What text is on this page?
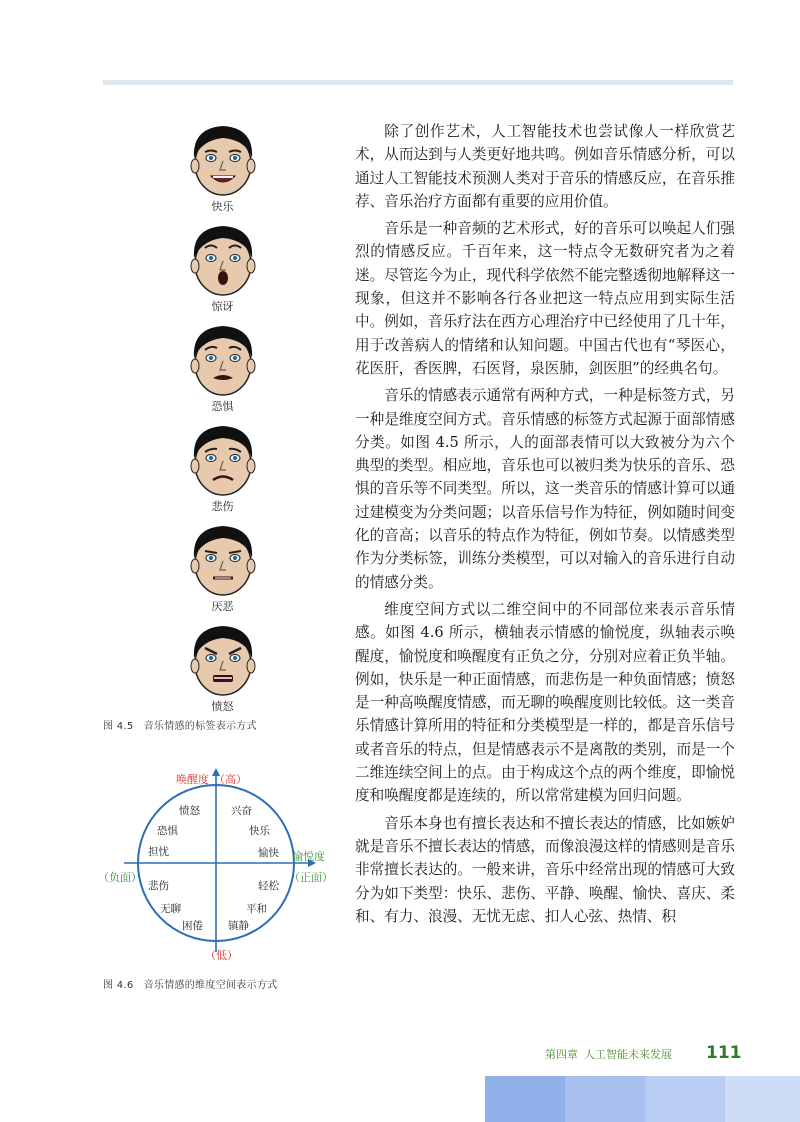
快乐
惊讶
恐惧
悲伤
厌恶
愤怒
图 4.5 音乐情感的标签表示方式
唤醒度 （高）
（低）
愉悦度
（正面）
（负面）
愤怒	兴奋
恐惧	快乐
担忧	愉快
悲伤	轻松
无聊	平和
困倦 镇静
图 4.6 音乐情感的维度空间表示方式

除了创作艺术，人工智能技术也尝试像人一样欣赏艺术，从而达到与人类更好地共鸣。例如音乐情感分析，可以通过人工智能技术预测人类对于音乐的情感反应，在音乐推荐、音乐治疗方面都有重要的应用价值。

音乐是一种音频的艺术形式，好的音乐可以唤起人们强烈的情感反应。千百年来，这一特点令无数研究者为之着迷。尽管迄今为止，现代科学依然不能完整透彻地解释这一现象，但这并不影响各行各业把这一特点应用到实际生活中。例如，音乐疗法在西方心理治疗中已经使用了几十年，用于改善病人的情绪和认知问题。中国古代也有“琴医心，花医肝，香医脾，石医肾，泉医肺，剑医胆”的经典名句。

音乐的情感表示通常有两种方式，一种是标签方式，另一种是维度空间方式。音乐情感的标签方式起源于面部情感分类。如图 4.5 所示，人的面部表情可以大致被分为六个典型的类型。相应地，音乐也可以被归类为快乐的音乐、恐惧的音乐等不同类型。所以，这一类音乐的情感计算可以通过建模变为分类问题；以音乐信号作为特征，例如随时间变化的音高；以音乐的特点作为特征，例如节奏。以情感类型作为分类标签，训练分类模型，可以对输入的音乐进行自动的情感分类。

维度空间方式以二维空间中的不同部位来表示音乐情感。如图 4.6 所示，横轴表示情感的愉悦度，纵轴表示唤醒度，愉悦度和唤醒度有正负之分，分别对应着正负半轴。例如，快乐是一种正面情感，而悲伤是一种负面情感；愤怒是一种高唤醒度情感，而无聊的唤醒度则比较低。这一类音乐情感计算所用的特征和分类模型是一样的，都是音乐信号或者音乐的特点，但是情感表示不是离散的类别，而是一个二维连续空间上的点。由于构成这个点的两个维度，即愉悦度和唤醒度都是连续的，所以常常建模为回归问题。

音乐本身也有擅长表达和不擅长表达的情感，比如嫉妒就是音乐不擅长表达的情感，而像浪漫这样的情感则是音乐非常擅长表达的。一般来讲，音乐中经常出现的情感可大致分为如下类型：快乐、悲伤、平静、唤醒、愉快、喜庆、柔和、有力、浪漫、无忧无虑、扣人心弦、热情、积

第四章 人工智能未来发展 111
